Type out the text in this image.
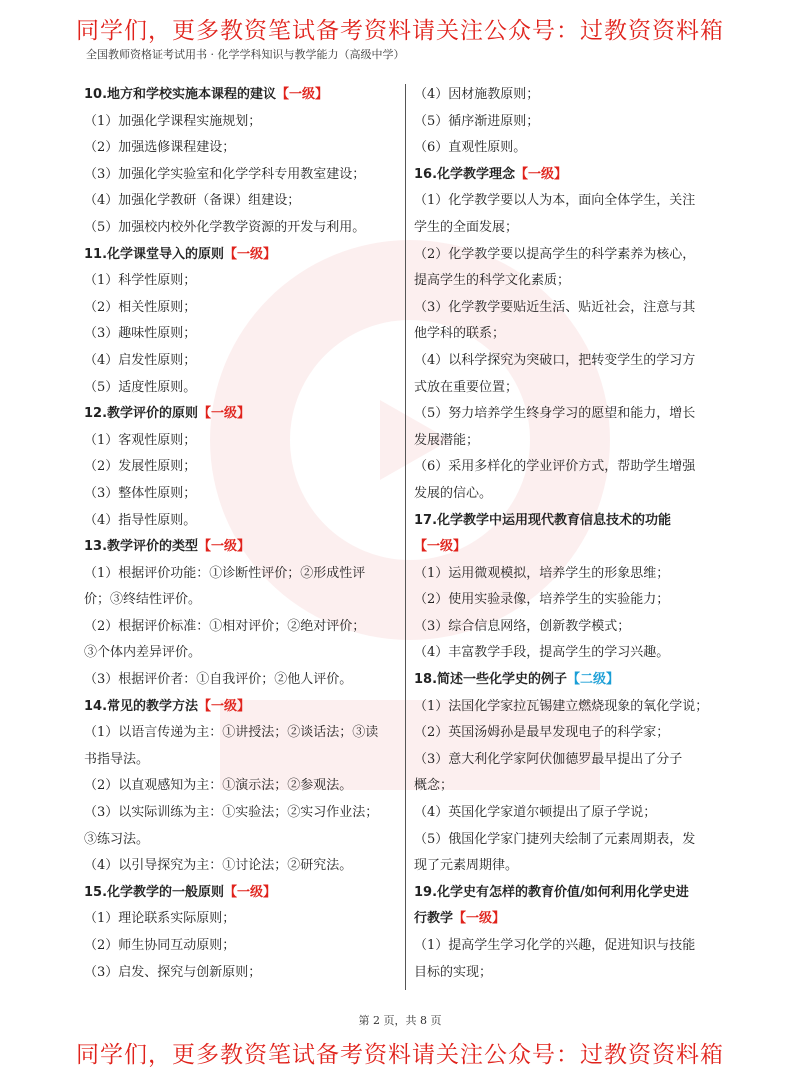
同学们，更多教资笔试备考资料请关注公众号：过教资资料箱
全国教师资格证考试用书 · 化学学科知识与教学能力（高级中学）
10.地方和学校实施本课程的建议【一级】
（1）加强化学课程实施规划；
（2）加强选修课程建设；
（3）加强化学实验室和化学学科专用教室建设；
（4）加强化学教研（备课）组建设；
（5）加强校内校外化学教学资源的开发与利用。
11.化学课堂导入的原则【一级】
（1）科学性原则；
（2）相关性原则；
（3）趣味性原则；
（4）启发性原则；
（5）适度性原则。
12.教学评价的原则【一级】
（1）客观性原则；
（2）发展性原则；
（3）整体性原则；
（4）指导性原则。
13.教学评价的类型【一级】
（1）根据评价功能：①诊断性评价；②形成性评
价；③终结性评价。
（2）根据评价标准：①相对评价；②绝对评价；
③个体内差异评价。
（3）根据评价者：①自我评价；②他人评价。
14.常见的教学方法【一级】
（1）以语言传递为主：①讲授法；②谈话法；③读
书指导法。
（2）以直观感知为主：①演示法；②参观法。
（3）以实际训练为主：①实验法；②实习作业法；
③练习法。
（4）以引导探究为主：①讨论法；②研究法。
15.化学教学的一般原则【一级】
（1）理论联系实际原则；
（2）师生协同互动原则；
（3）启发、探究与创新原则；
（4）因材施教原则；
（5）循序渐进原则；
（6）直观性原则。
16.化学教学理念【一级】
（1）化学教学要以人为本，面向全体学生，关注
学生的全面发展；
（2）化学教学要以提高学生的科学素养为核心，
提高学生的科学文化素质；
（3）化学教学要贴近生活、贴近社会，注意与其
他学科的联系；
（4）以科学探究为突破口，把转变学生的学习方
式放在重要位置；
（5）努力培养学生终身学习的愿望和能力，增长
发展潜能；
（6）采用多样化的学业评价方式，帮助学生增强
发展的信心。
17.化学教学中运用现代教育信息技术的功能
【一级】
（1）运用微观模拟，培养学生的形象思维；
（2）使用实验录像，培养学生的实验能力；
（3）综合信息网络，创新教学模式；
（4）丰富教学手段，提高学生的学习兴趣。
18.简述一些化学史的例子【二级】
（1）法国化学家拉瓦锡建立燃烧现象的氧化学说；
（2）英国汤姆孙是最早发现电子的科学家；
（3）意大利化学家阿伏伽德罗最早提出了分子
概念；
（4）英国化学家道尔顿提出了原子学说；
（5）俄国化学家门捷列夫绘制了元素周期表，发
现了元素周期律。
19.化学史有怎样的教育价值/如何利用化学史进
行教学【一级】
（1）提高学生学习化学的兴趣，促进知识与技能
目标的实现；
第 2 页，共 8 页
同学们，更多教资笔试备考资料请关注公众号：过教资资料箱
